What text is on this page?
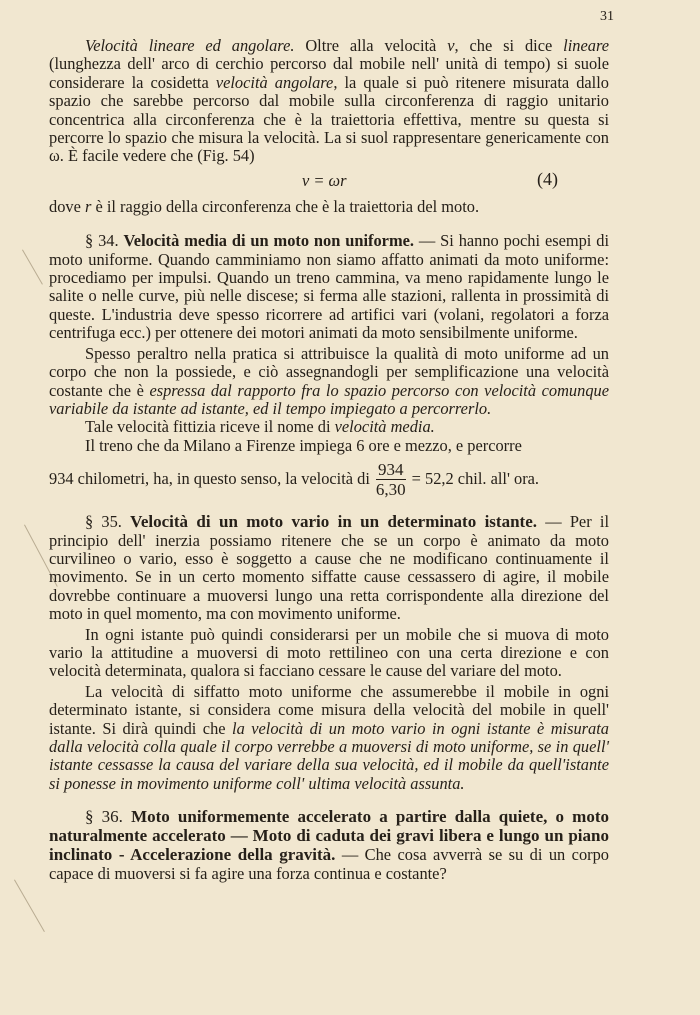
31

Velocità lineare ed angolare. Oltre alla velocità v, che si dice lineare (lunghezza dell' arco di cerchio percorso dal mobile nell' unità di tempo) si suole considerare la cosidetta velocità angolare, la quale si può ritenere misurata dallo spazio che sarebbe percorso dal mobile sulla circonferenza di raggio unitario concentrica alla circonferenza che è la traiettoria effettiva, mentre su questa si percorre lo spazio che misura la velocità. La si suol rappresentare genericamente con ω. È facile vedere che (Fig. 54)

v = ωr	(4)

dove r è il raggio della circonferenza che è la traiettoria del moto.

§ 34. Velocità media di un moto non uniforme. — Si hanno pochi esempi di moto uniforme. Quando camminiamo non siamo affatto animati da moto uniforme: procediamo per impulsi. Quando un treno cammina, va meno rapidamente lungo le salite o nelle curve, più nelle discese; si ferma alle stazioni, rallenta in prossimità di queste. L'industria deve spesso ricorrere ad artifici vari (volani, regolatori a forza centrifuga ecc.) per ottenere dei motori animati da moto sensibilmente uniforme.

Spesso peraltro nella pratica si attribuisce la qualità di moto uniforme ad un corpo che non la possiede, e ciò assegnandogli per semplificazione una velocità costante che è espressa dal rapporto fra lo spazio percorso con velocità comunque variabile da istante ad istante, ed il tempo impiegato a percorrerlo.

Tale velocità fittizia riceve il nome di velocità media.

Il treno che da Milano a Firenze impiega 6 ore e mezzo, e percorre

934 chilometri, ha, in questo senso, la velocità di $\frac{934}{6,30} = 52,2$ chil. all' ora.

§ 35. Velocità di un moto vario in un determinato istante. — Per il principio dell' inerzia possiamo ritenere che se un corpo è animato da moto curvilineo o vario, esso è soggetto a cause che ne modificano continuamente il movimento. Se in un certo momento siffatte cause cessassero di agire, il mobile dovrebbe continuare a muoversi lungo una retta corrispondente alla direzione del moto in quel momento, ma con movimento uniforme.

In ogni istante può quindi considerarsi per un mobile che si muova di moto vario la attitudine a muoversi di moto rettilineo con una certa direzione e con velocità determinata, qualora si facciano cessare le cause del variare del moto.

La velocità di siffatto moto uniforme che assumerebbe il mobile in ogni determinato istante, si considera come misura della velocità del mobile in quell' istante. Si dirà quindi che la velocità di un moto vario in ogni istante è misurata dalla velocità colla quale il corpo verrebbe a muoversi di moto uniforme, se in quell' istante cessasse la causa del variare della sua velocità, ed il mobile da quell'istante si ponesse in movimento uniforme coll' ultima velocità assunta.

§ 36. Moto uniformemente accelerato a partire dalla quiete, o moto naturalmente accelerato — Moto di caduta dei gravi libera e lungo un piano inclinato - Accelerazione della gravità. — Che cosa avverrà se su di un corpo capace di muoversi si fa agire una forza continua e costante?
